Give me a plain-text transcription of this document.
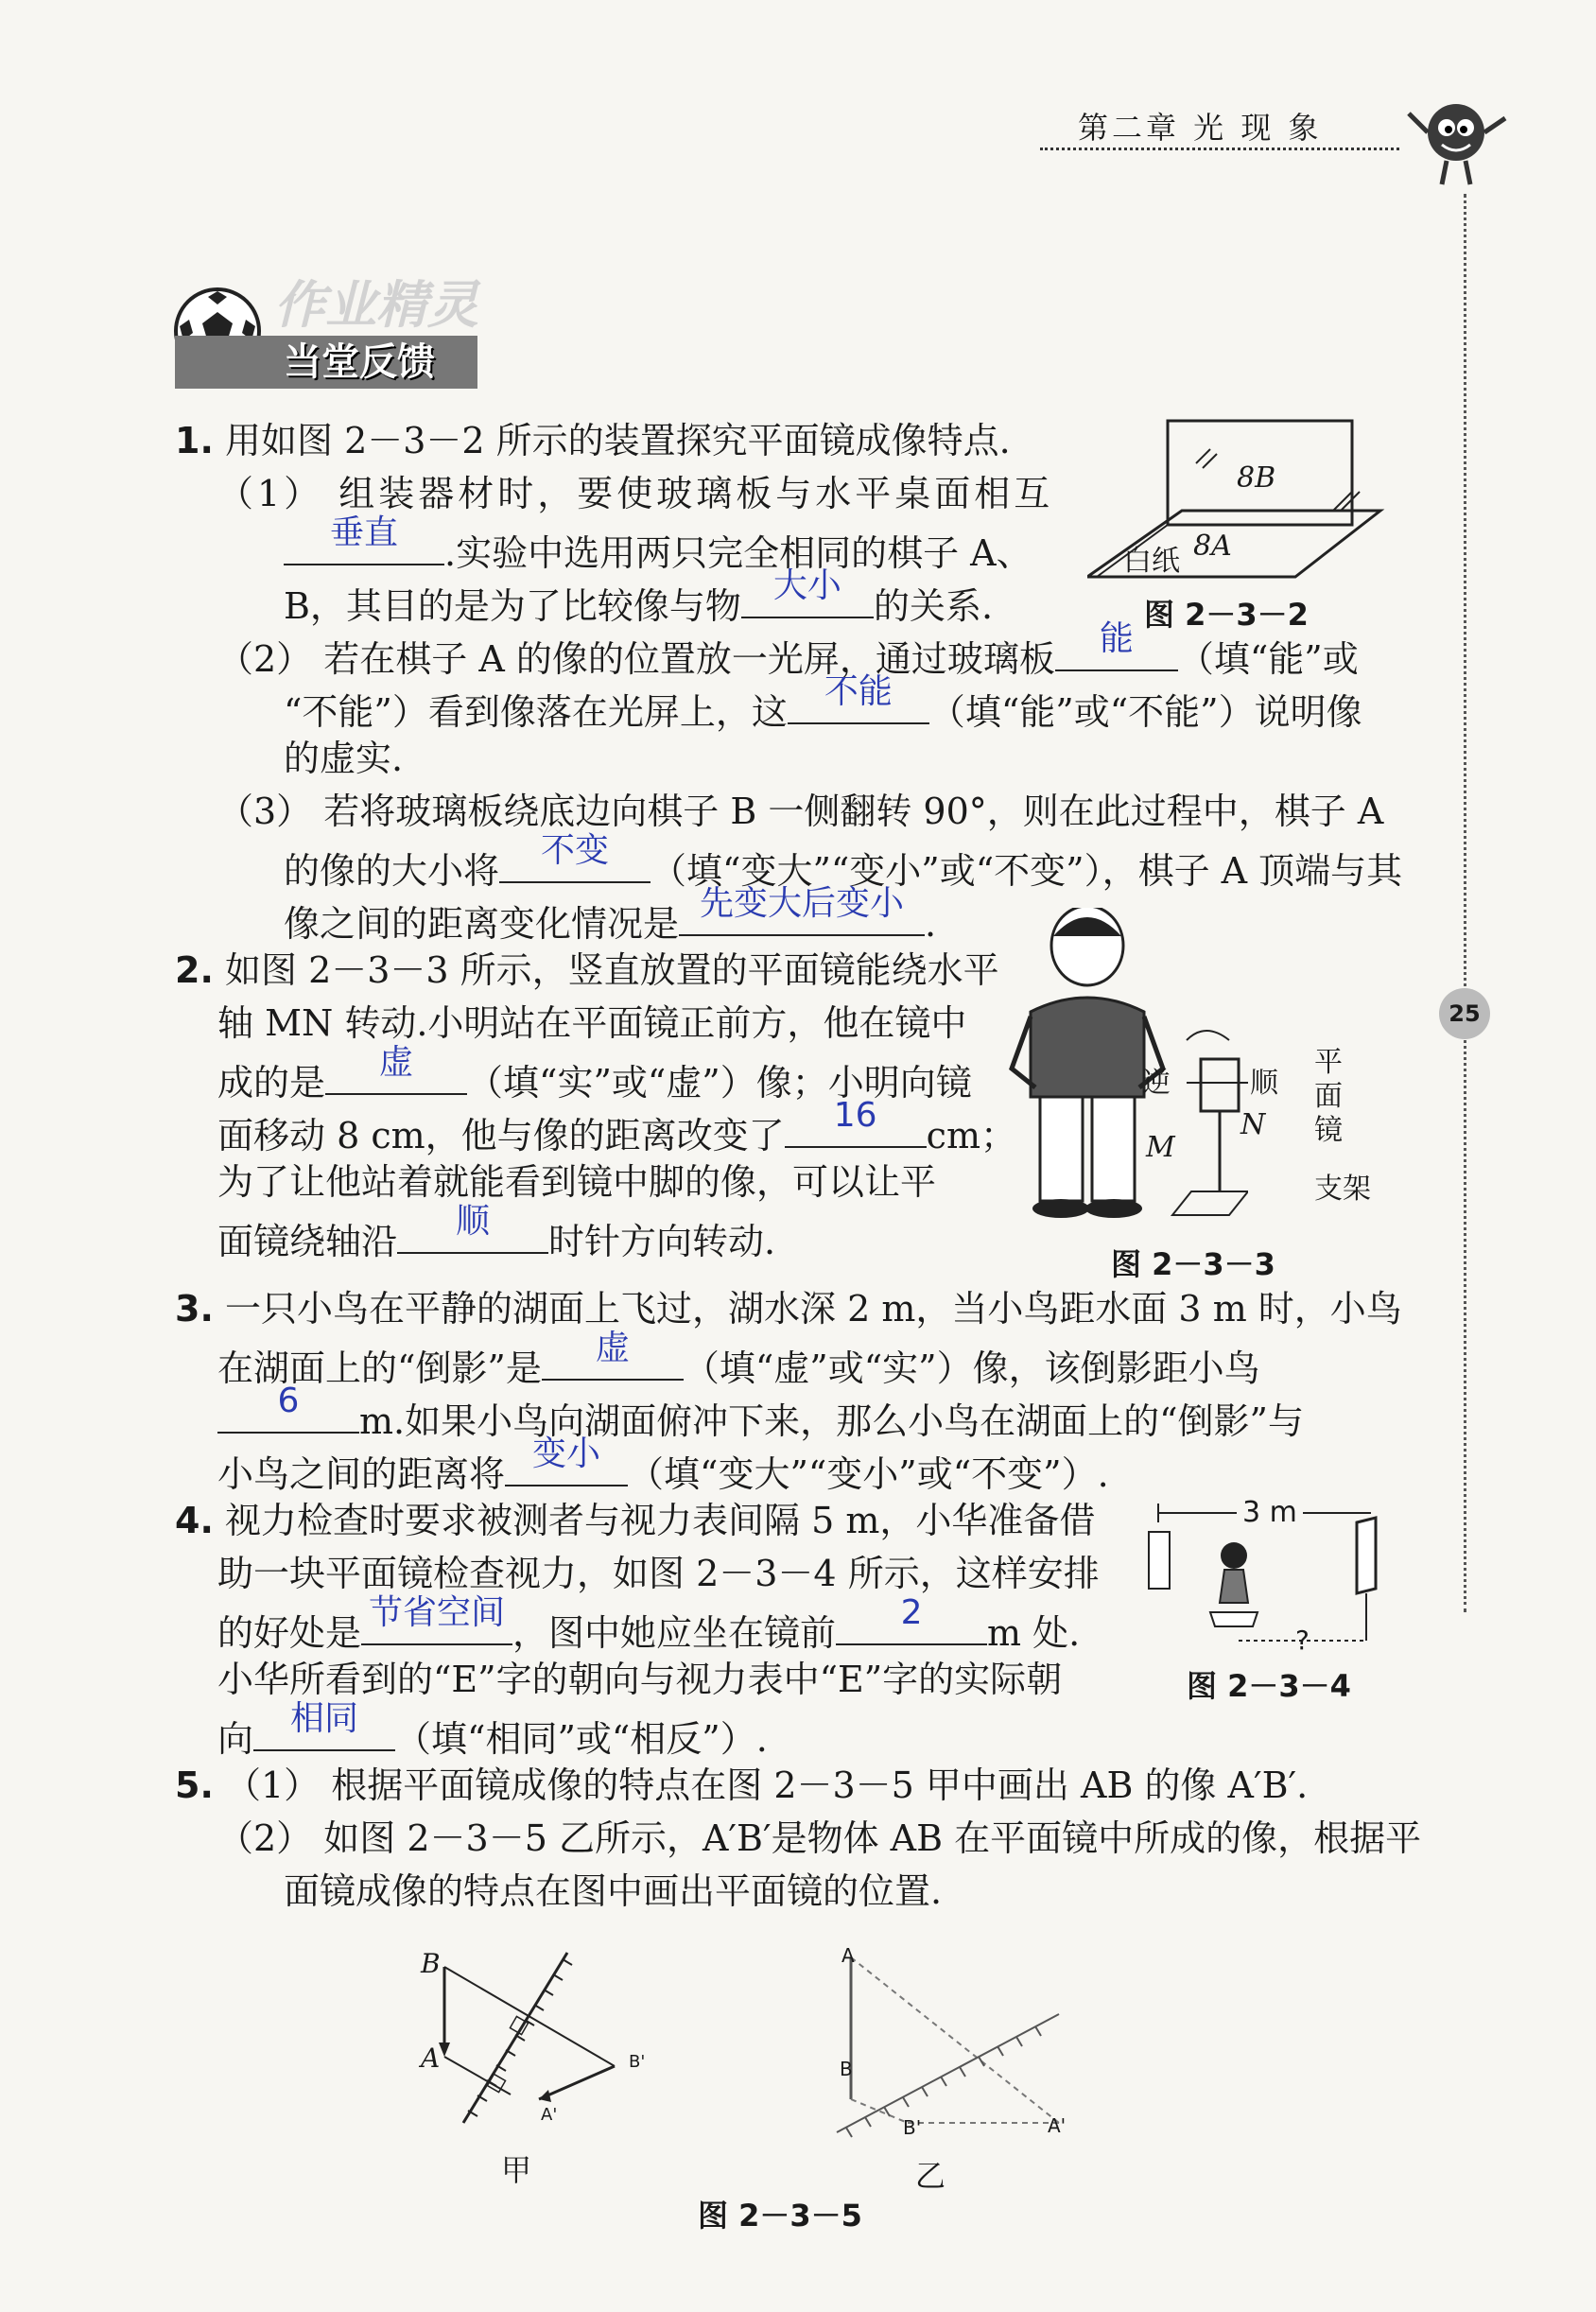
第二章 光 现 象
25
当堂反馈
作业精灵
1. 用如图 2－3－2 所示的装置探究平面镜成像特点.
（1） 组装器材时，要使玻璃板与水平桌面相互
垂直	.实验中选用两只完全相同的棋子 A、
B，其目的是为了比较像与物 大小 的关系.
（2） 若在棋子 A 的像的位置放一光屏，通过玻璃板	能	（填“能”或
“不能”）看到像落在光屏上，这	不能	（填“能”或“不能”）说明像
的虚实.
（3） 若将玻璃板绕底边向棋子 B 一侧翻转 90°，则在此过程中，棋子 A
的像的大小将	不变	（填“变大”“变小”或“不变”），棋子 A 顶端与其
像之间的距离变化情况是 先变大后变小 .
8B
白纸 8A
图 2－3－2
2. 如图 2－3－3 所示，竖直放置的平面镜能绕水平
轴 MN 转动.小明站在平面镜正前方，他在镜中
成的是	虚	（填“实”或“虚”）像；小明向镜
面移动 8 cm，他与像的距离改变了	16	cm；
为了让他站着就能看到镜中脚的像，可以让平
面镜绕轴沿	顺	时针方向转动.
逆	顺
平面镜
M
N
支架
图 2－3－3
3. 一只小鸟在平静的湖面上飞过，湖水深 2 m，当小鸟距水面 3 m 时，小鸟
在湖面上的“倒影”是	虚	（填“虚”或“实”）像，该倒影距小鸟
6	m.如果小鸟向湖面俯冲下来，那么小鸟在湖面上的“倒影”与
小鸟之间的距离将 变小 （填“变大”“变小”或“不变”）.
4. 视力检查时要求被测者与视力表间隔 5 m，小华准备借
助一块平面镜检查视力，如图 2－3－4 所示，这样安排
的好处是 节省空间 ，图中她应坐在镜前	2	m 处.
小华所看到的“E”字的朝向与视力表中“E”字的实际朝
向	相同	（填“相同”或“相反”）.
3 m
?
图 2－3－4
5. （1） 根据平面镜成像的特点在图 2－3－5 甲中画出 AB 的像 A′B′.
（2） 如图 2－3－5 乙所示，A′B′是物体 AB 在平面镜中所成的像，根据平
面镜成像的特点在图中画出平面镜的位置.
B
A	B'
A'
甲
A
B
B'	A'
乙
图 2－3－5
